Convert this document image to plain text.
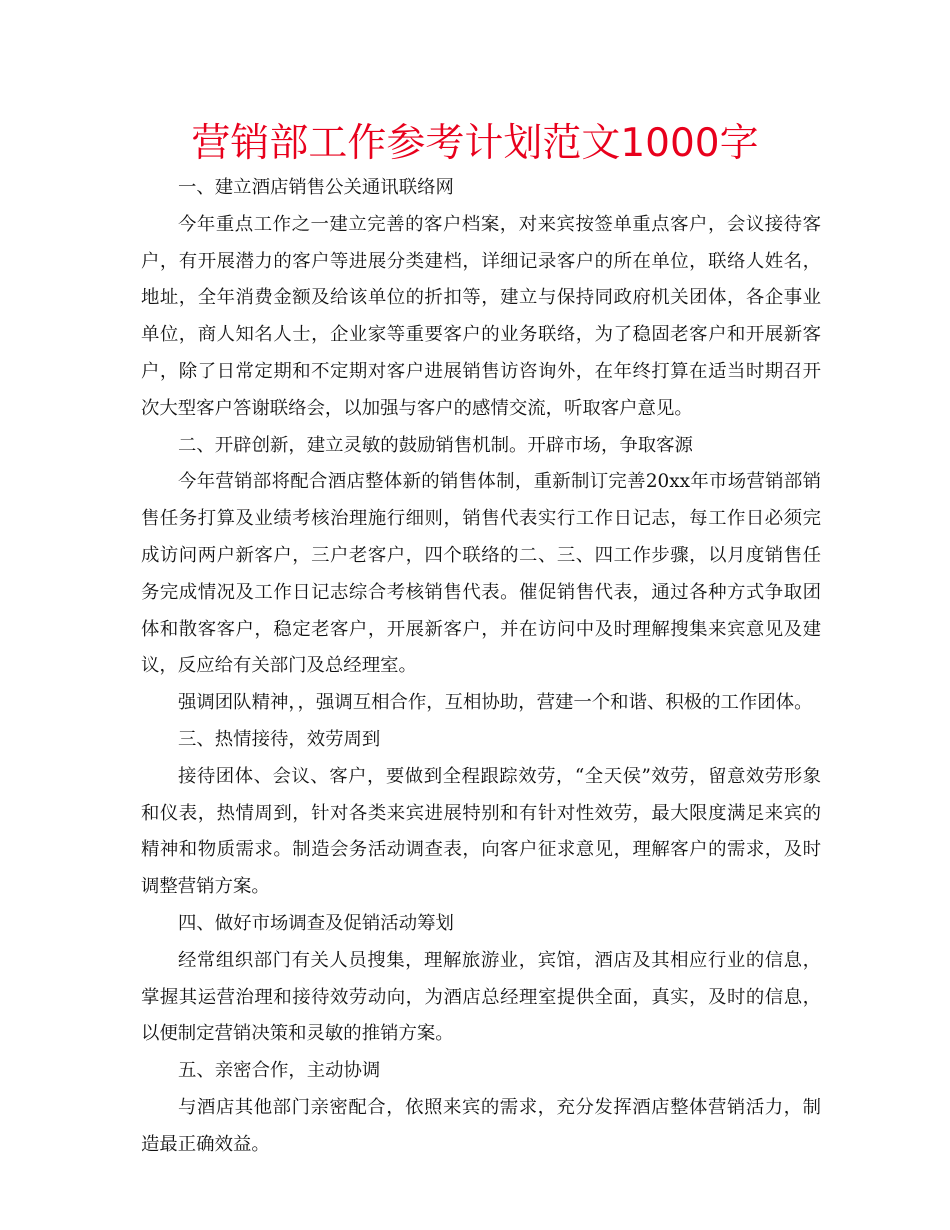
营销部工作参考计划范文1000字

一、建立酒店销售公关通讯联络网

今年重点工作之一建立完善的客户档案，对来宾按签单重点客户，会议接待客户，有开展潜力的客户等进展分类建档，详细记录客户的所在单位，联络人姓名，地址，全年消费金额及给该单位的折扣等，建立与保持同政府机关团体，各企事业单位，商人知名人士，企业家等重要客户的业务联络，为了稳固老客户和开展新客户，除了日常定期和不定期对客户进展销售访咨询外，在年终打算在适当时期召开次大型客户答谢联络会，以加强与客户的感情交流，听取客户意见。

二、开辟创新，建立灵敏的鼓励销售机制。开辟市场，争取客源

今年营销部将配合酒店整体新的销售体制，重新制订完善20xx年市场营销部销售任务打算及业绩考核治理施行细则，销售代表实行工作日记志，每工作日必须完成访问两户新客户，三户老客户，四个联络的二、三、四工作步骤，以月度销售任务完成情况及工作日记志综合考核销售代表。催促销售代表，通过各种方式争取团体和散客客户，稳定老客户，开展新客户，并在访问中及时理解搜集来宾意见及建议，反应给有关部门及总经理室。

强调团队精神，，强调互相合作，互相协助，营建一个和谐、积极的工作团体。

三、热情接待，效劳周到

接待团体、会议、客户，要做到全程跟踪效劳，“全天侯”效劳，留意效劳形象和仪表，热情周到，针对各类来宾进展特别和有针对性效劳，最大限度满足来宾的精神和物质需求。制造会务活动调查表，向客户征求意见，理解客户的需求，及时调整营销方案。

四、做好市场调查及促销活动筹划

经常组织部门有关人员搜集，理解旅游业，宾馆，酒店及其相应行业的信息，掌握其运营治理和接待效劳动向，为酒店总经理室提供全面，真实，及时的信息，以便制定营销决策和灵敏的推销方案。

五、亲密合作，主动协调

与酒店其他部门亲密配合，依照来宾的需求，充分发挥酒店整体营销活力，制造最正确效益。
